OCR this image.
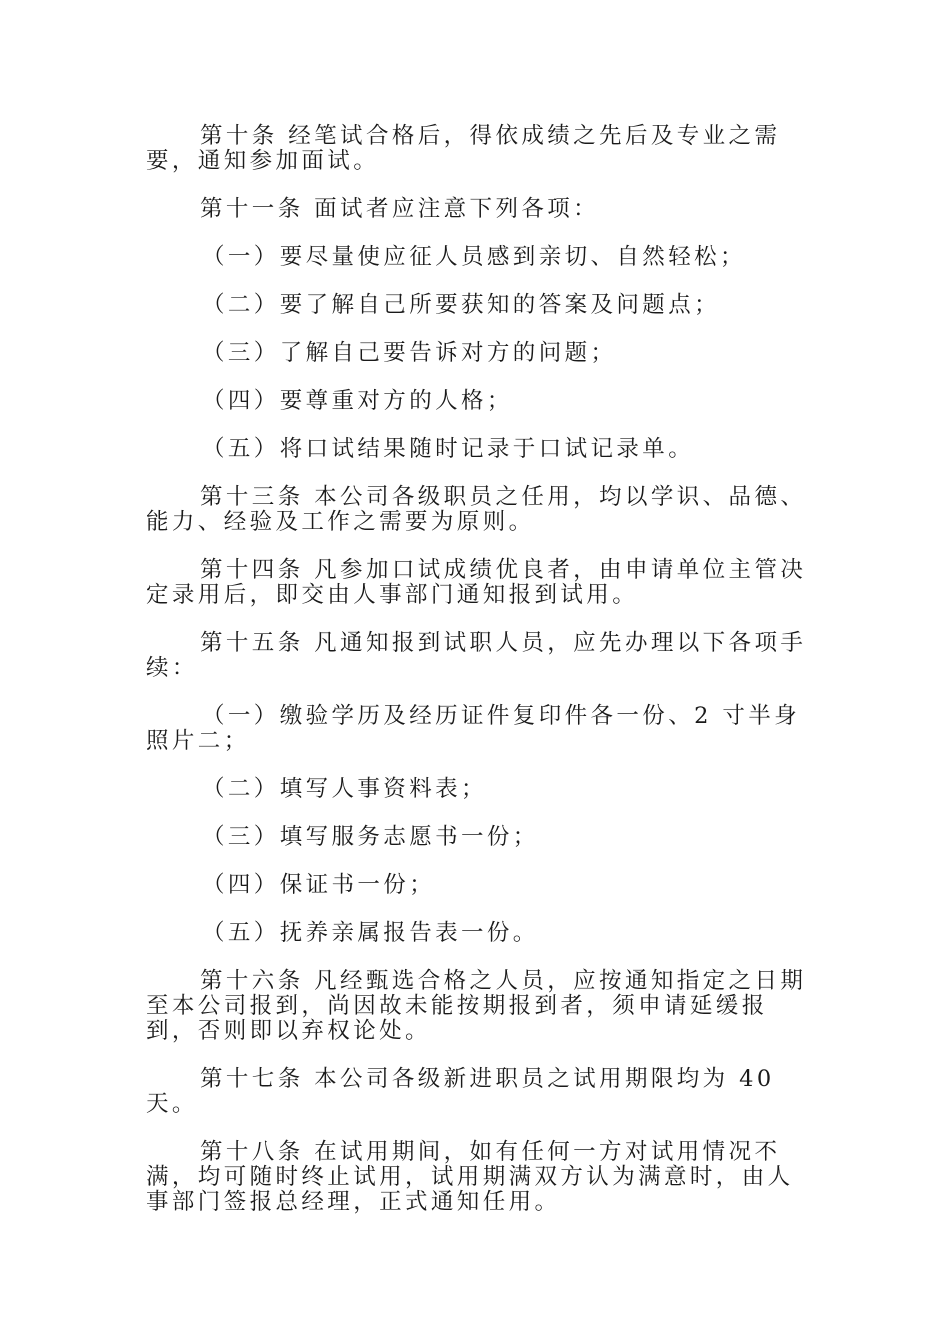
第十条 经笔试合格后，得依成绩之先后及专业之需要，通知参加面试。

第十一条 面试者应注意下列各项：

（一）要尽量使应征人员感到亲切、自然轻松；

（二）要了解自己所要获知的答案及问题点；

（三）了解自己要告诉对方的问题；

（四）要尊重对方的人格；

（五）将口试结果随时记录于口试记录单。

第十三条 本公司各级职员之任用，均以学识、品德、能力、经验及工作之需要为原则。

第十四条 凡参加口试成绩优良者，由申请单位主管决定录用后，即交由人事部门通知报到试用。

第十五条 凡通知报到试职人员，应先办理以下各项手续：

（一）缴验学历及经历证件复印件各一份、2 寸半身照片二；

（二）填写人事资料表；

（三）填写服务志愿书一份；

（四）保证书一份；

（五）抚养亲属报告表一份。

第十六条 凡经甄选合格之人员，应按通知指定之日期至本公司报到，尚因故未能按期报到者，须申请延缓报到，否则即以弃权论处。

第十七条 本公司各级新进职员之试用期限均为 40 天。

第十八条 在试用期间，如有任何一方对试用情况不满，均可随时终止试用，试用期满双方认为满意时，由人事部门签报总经理，正式通知任用。
